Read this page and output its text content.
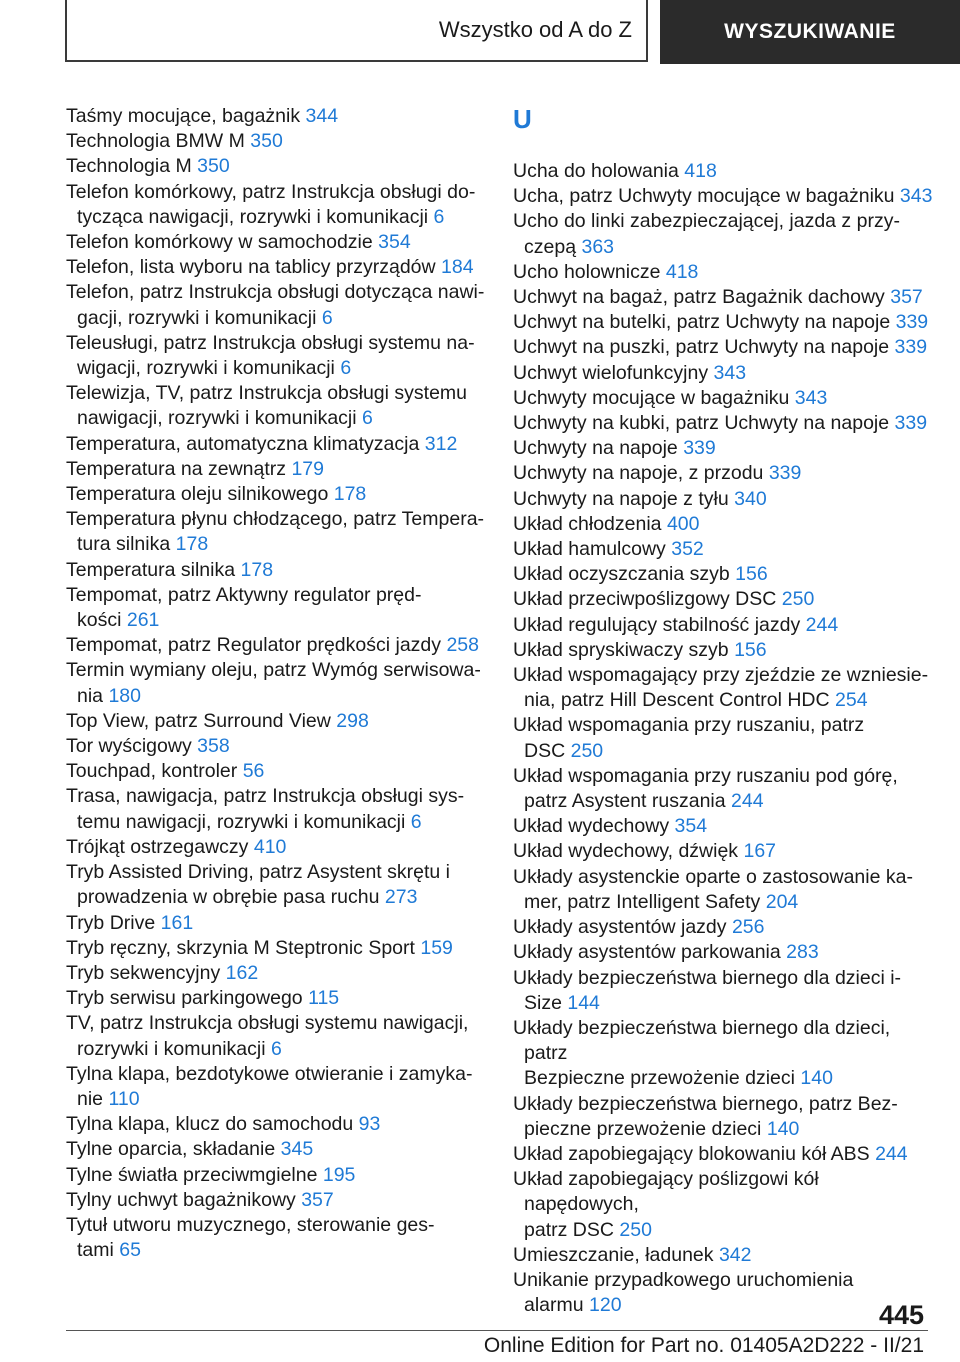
Wszystko od A do Z	WYSZUKIWANIE
Taśmy mocujące, bagażnik 344
Technologia BMW M 350
Technologia M 350
Telefon komórkowy, patrz Instrukcja obsługi do‐
tycząca nawigacji, rozrywki i komunikacji 6
Telefon komórkowy w samochodzie 354
Telefon, lista wyboru na tablicy przyrządów 184
Telefon, patrz Instrukcja obsługi dotycząca nawi‐
gacji, rozrywki i komunikacji 6
Teleusługi, patrz Instrukcja obsługi systemu na‐
wigacji, rozrywki i komunikacji 6
Telewizja, TV, patrz Instrukcja obsługi systemu
nawigacji, rozrywki i komunikacji 6
Temperatura, automatyczna klimatyzacja 312
Temperatura na zewnątrz 179
Temperatura oleju silnikowego 178
Temperatura płynu chłodzącego, patrz Tempera‐
tura silnika 178
Temperatura silnika 178
Tempomat, patrz Aktywny regulator pręd‐
kości 261
Tempomat, patrz Regulator prędkości jazdy 258
Termin wymiany oleju, patrz Wymóg serwisowa‐
nia 180
Top View, patrz Surround View 298
Tor wyścigowy 358
Touchpad, kontroler 56
Trasa, nawigacja, patrz Instrukcja obsługi sys‐
temu nawigacji, rozrywki i komunikacji 6
Trójkąt ostrzegawczy 410
Tryb Assisted Driving, patrz Asystent skrętu i
prowadzenia w obrębie pasa ruchu 273
Tryb Drive 161
Tryb ręczny, skrzynia M Steptronic Sport 159
Tryb sekwencyjny 162
Tryb serwisu parkingowego 115
TV, patrz Instrukcja obsługi systemu nawigacji,
rozrywki i komunikacji 6
Tylna klapa, bezdotykowe otwieranie i zamyka‐
nie 110
Tylna klapa, klucz do samochodu 93
Tylne oparcia, składanie 345
Tylne światła przeciwmgielne 195
Tylny uchwyt bagażnikowy 357
Tytuł utworu muzycznego, sterowanie ges‐
tami 65
U
Ucha do holowania 418
Ucha, patrz Uchwyty mocujące w bagażniku 343
Ucho do linki zabezpieczającej, jazda z przy‐
czepą 363
Ucho holownicze 418
Uchwyt na bagaż, patrz Bagażnik dachowy 357
Uchwyt na butelki, patrz Uchwyty na napoje 339
Uchwyt na puszki, patrz Uchwyty na napoje 339
Uchwyt wielofunkcyjny 343
Uchwyty mocujące w bagażniku 343
Uchwyty na kubki, patrz Uchwyty na napoje 339
Uchwyty na napoje 339
Uchwyty na napoje, z przodu 339
Uchwyty na napoje z tyłu 340
Układ chłodzenia 400
Układ hamulcowy 352
Układ oczyszczania szyb 156
Układ przeciwpoślizgowy DSC 250
Układ regulujący stabilność jazdy 244
Układ spryskiwaczy szyb 156
Układ wspomagający przy zjeździe ze wzniesie‐
nia, patrz Hill Descent Control HDC 254
Układ wspomagania przy ruszaniu, patrz
DSC 250
Układ wspomagania przy ruszaniu pod górę,
patrz Asystent ruszania 244
Układ wydechowy 354
Układ wydechowy, dźwięk 167
Układy asystenckie oparte o zastosowanie ka‐
mer, patrz Intelligent Safety 204
Układy asystentów jazdy 256
Układy asystentów parkowania 283
Układy bezpieczeństwa biernego dla dzieci i-
Size 144
Układy bezpieczeństwa biernego dla dzieci, patrz
Bezpieczne przewożenie dzieci 140
Układy bezpieczeństwa biernego, patrz Bez‐
pieczne przewożenie dzieci 140
Układ zapobiegający blokowaniu kół ABS 244
Układ zapobiegający poślizgowi kół napędowych,
patrz DSC 250
Umieszczanie, ładunek 342
Unikanie przypadkowego uruchomienia
alarmu 120	445
Online Edition for Part no. 01405A2D222 - II/21
